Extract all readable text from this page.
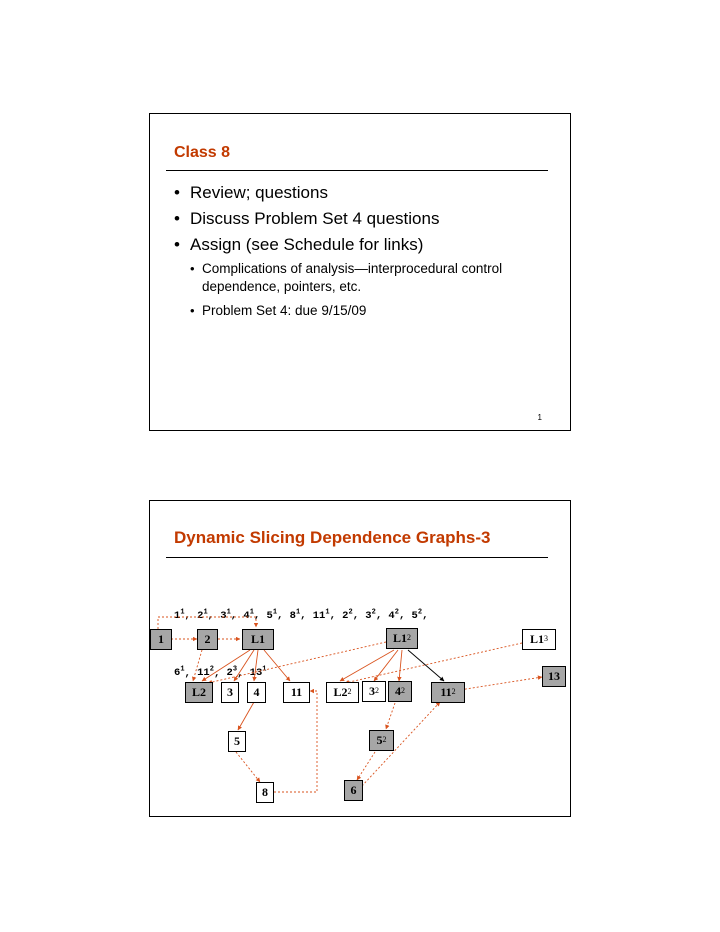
Class 8
• Review; questions
• Discuss Problem Set 4 questions
• Assign (see Schedule for links)
• Complications of analysis—interprocedural control dependence, pointers, etc.
• Problem Set 4: due 9/15/09
1
Dynamic Slicing Dependence Graphs-3

$1^1$, $2^1$, $3^1$, $4^1$, $5^1$, $8^1$, $11^1$, $2^2$, $3^2$, $4^2$, $5^2$,

$6^1$, $11^2$, $2^3$, $13^1$

1	2	L1	$L1^2$	$L1^3$
13
L2 3 4	11	$L2^2$ $3^2$ $4^2$	$11^2$
5	$5^2$
8	6
